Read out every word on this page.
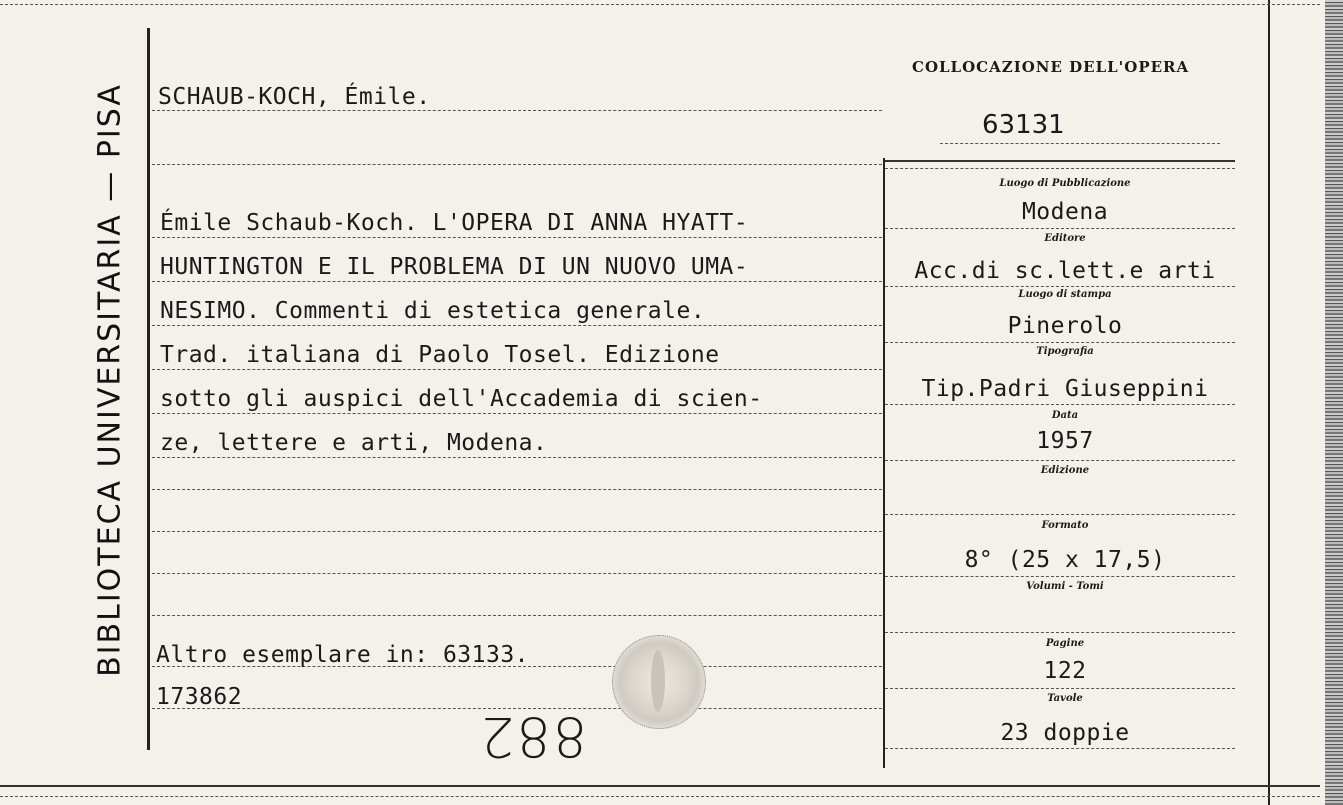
BIBLIOTECA UNIVERSITARIA — PISA SCHAUB-KOCH, Émile.
COLLOCAZIONE DELL'OPERA
63131
Émile Schaub-Koch. L'OPERA DI ANNA HYATT-
HUNTINGTON E IL PROBLEMA DI UN NUOVO UMA-
NESIMO. Commenti di estetica generale.
Trad. italiana di Paolo Tosel. Edizione
sotto gli auspici dell'Accademia di scien-
ze, lettere e arti, Modena.
Altro esemplare in: 63133.
173862
882
Luogo di Pubblicazione
Modena
Editore
Acc.di sc.lett.e arti
Luogo di stampa
Pinerolo
Tipografia
Tip.Padri Giuseppini
Data
1957
Edizione
Formato
8° (25 x 17,5)
Volumi - Tomi
Pagine
122
Tavole
23 doppie
